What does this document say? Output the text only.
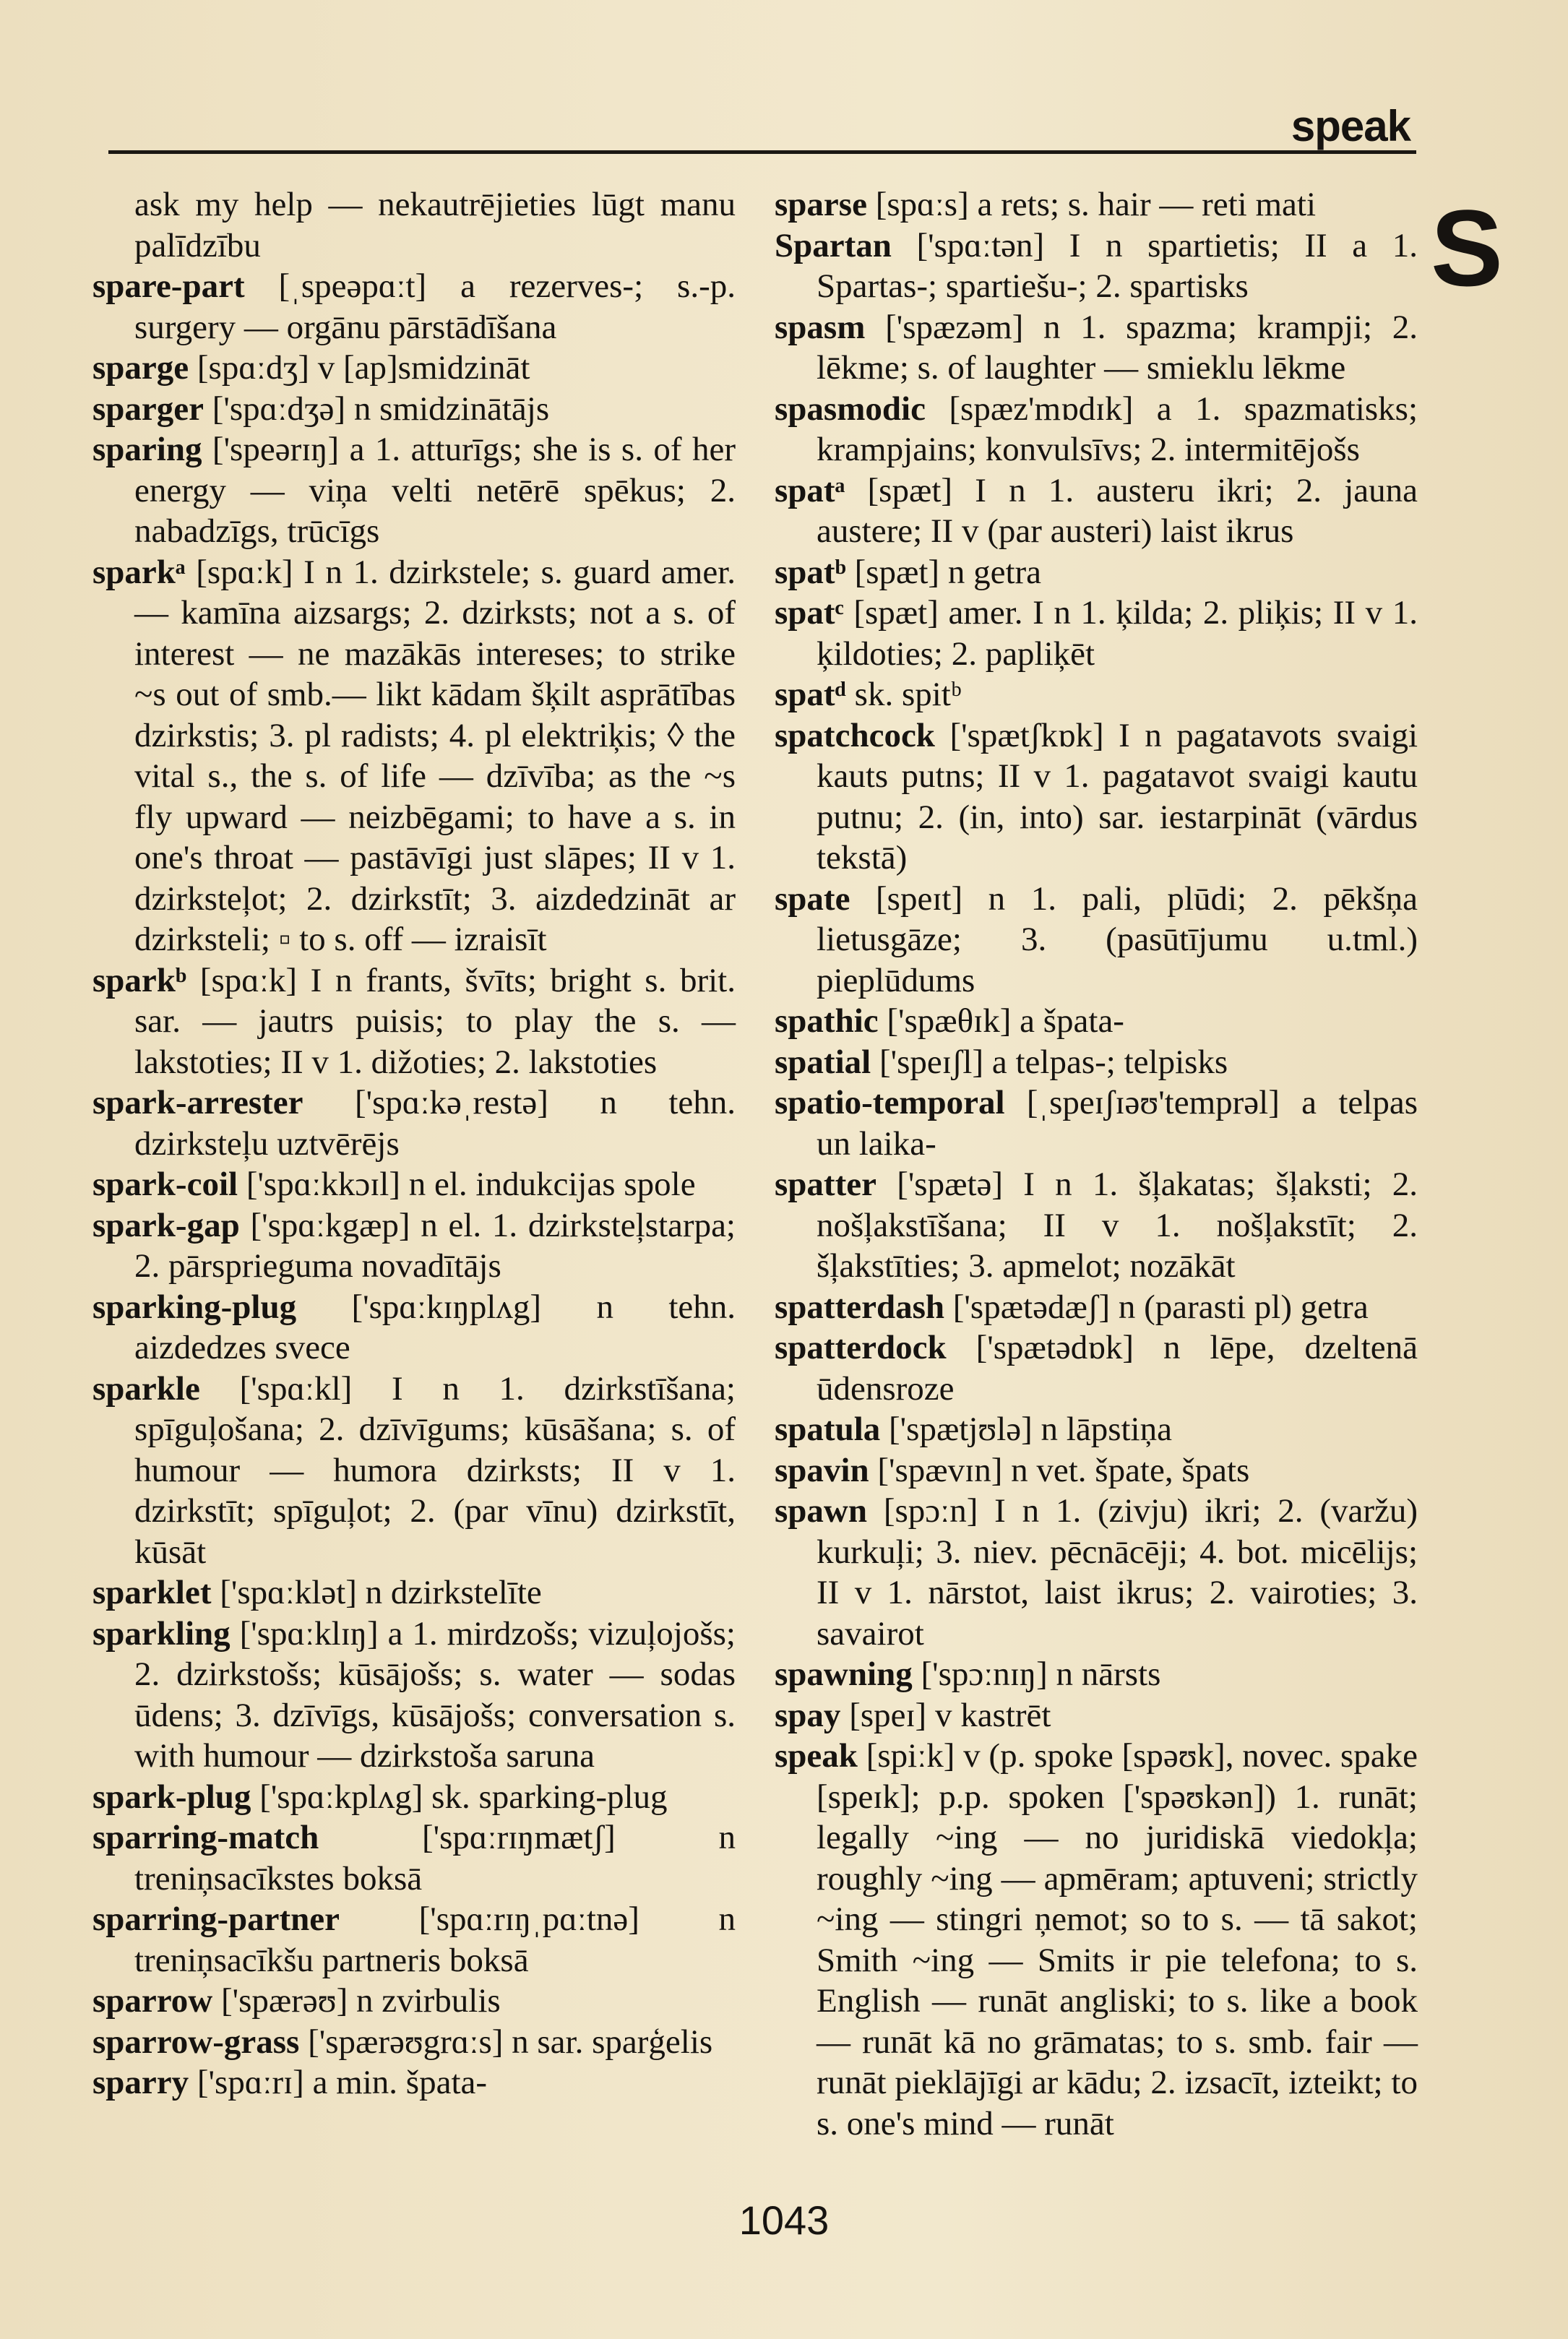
speak
S

ask my help — nekautrējieties lūgt manu palīdzību

spare-part [ˌspeəpɑːt] a rezerves-; s.-p. surgery — orgānu pārstādīšana

sparge [spɑːdʒ] v [ap]smidzināt

sparger ['spɑːdʒə] n smidzinātājs

sparing ['speərɪŋ] a 1. atturīgs; she is s. of her energy — viņa velti netērē spēkus; 2. nabadzīgs, trūcīgs

sparkᵃ [spɑːk] I n 1. dzirkstele; s. guard amer. — kamīna aizsargs; 2. dzirksts; not a s. of interest — ne mazākās intereses; to strike ~s out of smb.— likt kādam šķilt asprātības dzirkstis; 3. pl radists; 4. pl elektriķis; ◊ the vital s., the s. of life — dzīvība; as the ~s fly upward — neizbēgami; to have a s. in one's throat — pastāvīgi just slāpes; II v 1. dzirksteļot; 2. dzirkstīt; 3. aizdedzināt ar dzirksteli; ▫ to s. off — izraisīt

sparkᵇ [spɑːk] I n frants, švīts; bright s. brit. sar. — jautrs puisis; to play the s. — lakstoties; II v 1. dižoties; 2. lakstoties

spark-arrester ['spɑːkəˌrestə] n tehn. dzirksteļu uztvērējs

spark-coil ['spɑːkkɔɪl] n el. indukcijas spole

spark-gap ['spɑːkgæp] n el. 1. dzirksteļstarpa; 2. pārsprieguma novadītājs

sparking-plug ['spɑːkɪŋplʌg] n tehn. aizdedzes svece

sparkle ['spɑːkl] I n 1. dzirkstīšana; spīguļošana; 2. dzīvīgums; kūsāšana; s. of humour — humora dzirksts; II v 1. dzirkstīt; spīguļot; 2. (par vīnu) dzirkstīt, kūsāt

sparklet ['spɑːklət] n dzirkstelīte

sparkling ['spɑːklɪŋ] a 1. mirdzošs; vizuļojošs; 2. dzirkstošs; kūsājošs; s. water — sodas ūdens; 3. dzīvīgs, kūsājošs; conversation s. with humour — dzirkstoša saruna

spark-plug ['spɑːkplʌg] sk. sparking-plug

sparring-match ['spɑːrɪŋmætʃ] n treniņsacīkstes boksā

sparring-partner ['spɑːrɪŋˌpɑːtnə] n treniņsacīkšu partneris boksā

sparrow ['spærəʊ] n zvirbulis

sparrow-grass ['spærəʊgrɑːs] n sar. sparģelis

sparry ['spɑːrɪ] a min. špata-

sparse [spɑːs] a rets; s. hair — reti mati

Spartan ['spɑːtən] I n spartietis; II a 1. Spartas-; spartiešu-; 2. spartisks

spasm ['spæzəm] n 1. spazma; krampji; 2. lēkme; s. of laughter — smieklu lēkme

spasmodic [spæz'mɒdɪk] a 1. spazmatisks; krampjains; konvulsīvs; 2. intermitējošs

spatᵃ [spæt] I n 1. austeru ikri; 2. jauna austere; II v (par austeri) laist ikrus

spatᵇ [spæt] n getra

spatᶜ [spæt] amer. I n 1. ķilda; 2. pliķis; II v 1. ķildoties; 2. papliķēt

spatᵈ sk. spitᵇ

spatchcock ['spætʃkɒk] I n pagatavots svaigi kauts putns; II v 1. pagatavot svaigi kautu putnu; 2. (in, into) sar. iestarpināt (vārdus tekstā)

spate [speɪt] n 1. pali, plūdi; 2. pēkšņa lietusgāze; 3. (pasūtījumu u.tml.) pieplūdums

spathic ['spæθɪk] a špata-

spatial ['speɪʃl] a telpas-; telpisks

spatio-temporal [ˌspeɪʃɪəʊ'temprəl] a telpas un laika-

spatter ['spætə] I n 1. šļakatas; šļaksti; 2. nošļakstīšana; II v 1. nošļakstīt; 2. šļakstīties; 3. apmelot; nozākāt

spatterdash ['spætədæʃ] n (parasti pl) getra

spatterdock ['spætədɒk] n lēpe, dzeltenā ūdensroze

spatula ['spætjʊlə] n lāpstiņa

spavin ['spævɪn] n vet. špate, špats

spawn [spɔːn] I n 1. (zivju) ikri; 2. (varžu) kurkuļi; 3. niev. pēcnācēji; 4. bot. micēlijs; II v 1. nārstot, laist ikrus; 2. vairoties; 3. savairot

spawning ['spɔːnɪŋ] n nārsts

spay [speɪ] v kastrēt

speak [spiːk] v (p. spoke [spəʊk], novec. spake [speɪk]; p.p. spoken ['spəʊkən]) 1. runāt; legally ~ing — no juridiskā viedokļa; roughly ~ing — apmēram; aptuveni; strictly ~ing — stingri ņemot; so to s. — tā sakot; Smith ~ing — Smits ir pie telefona; to s. English — runāt angliski; to s. like a book — runāt kā no grāmatas; to s. smb. fair — runāt pieklājīgi ar kādu; 2. izsacīt, izteikt; to s. one's mind — runāt

1043
